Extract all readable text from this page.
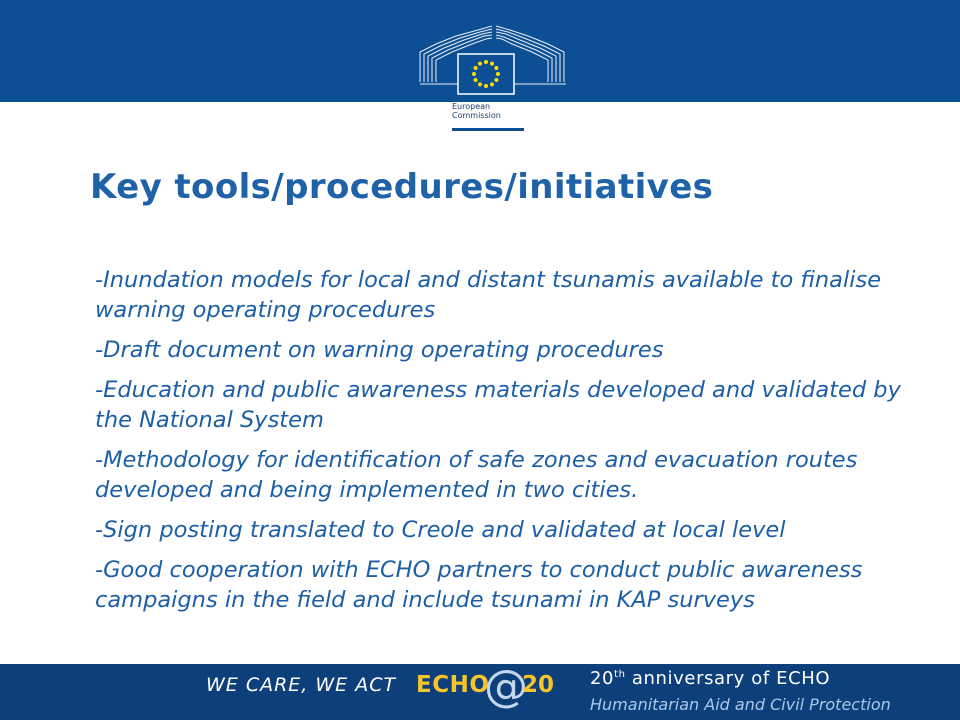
European
Commission
Key tools/procedures/initiatives
-Inundation models for local and distant tsunamis available to finalise warning operating procedures
-Draft document on warning operating procedures
-Education and public awareness materials developed and validated by the National System
-Methodology for identification of safe zones and evacuation routes developed and being implemented in two cities.
-Sign posting translated to Creole and validated at local level
-Good cooperation with ECHO partners to conduct public awareness campaigns in the field and include tsunami in KAP surveys
WE CARE, WE ACT ECHO
@
20 20th anniversary of ECHO
Humanitarian Aid and Civil Protection
